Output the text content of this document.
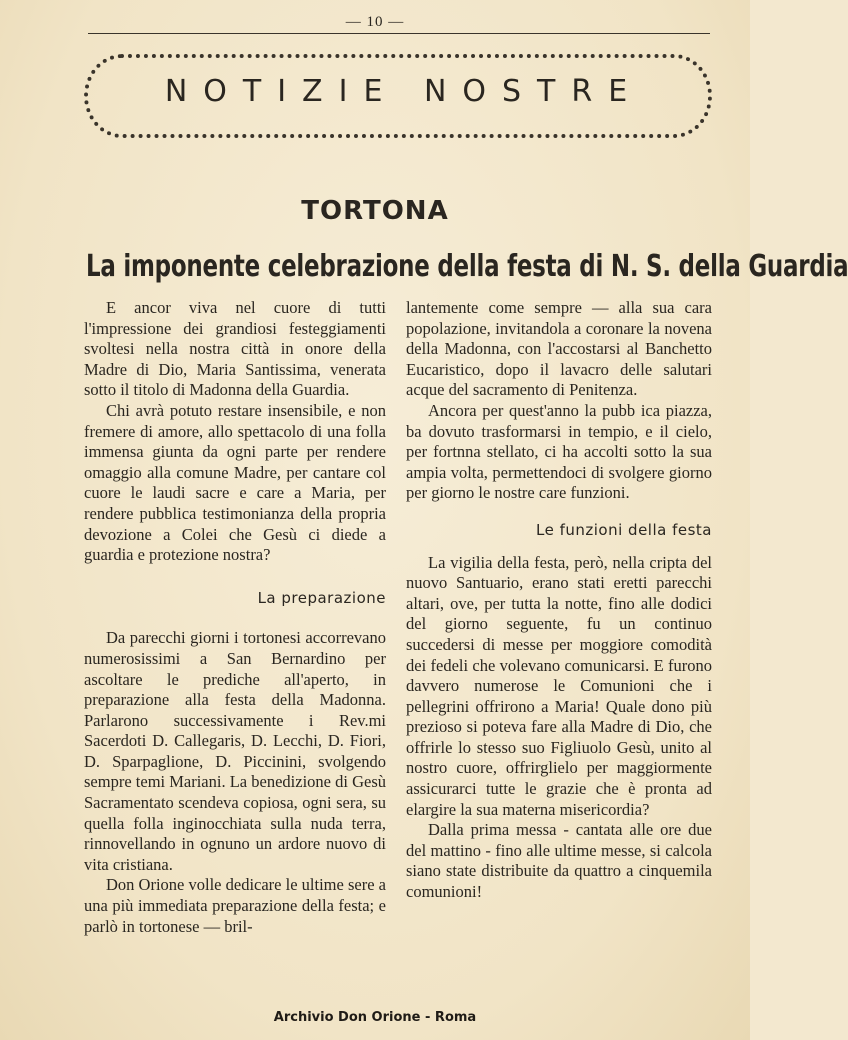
— 10 —
NOTIZIE NOSTRE
TORTONA
La imponente celebrazione della festa di N. S. della Guardia

E ancor viva nel cuore di tutti l'impressione dei grandiosi festeggiamenti svoltesi nella nostra città in onore della Madre di Dio, Maria Santissima, venerata sotto il titolo di Madonna della Guardia.

Chi avrà potuto restare insensibile, e non fremere di amore, allo spettacolo di una folla immensa giunta da ogni parte per rendere omaggio alla comune Madre, per cantare col cuore le laudi sacre e care a Maria, per rendere pubblica testimonianza della propria devozione a Colei che Gesù ci diede a guardia e protezione nostra?

La preparazione

Da parecchi giorni i tortonesi accorrevano numerosissimi a San Bernardino per ascoltare le prediche all'aperto, in preparazione alla festa della Madonna. Parlarono successivamente i Rev.mi Sacerdoti D. Callegaris, D. Lecchi, D. Fiori, D. Sparpaglione, D. Piccinini, svolgendo sempre temi Mariani. La benedizione di Gesù Sacramentato scendeva copiosa, ogni sera, su quella folla inginocchiata sulla nuda terra, rinnovellando in ognuno un ardore nuovo di vita cristiana.

Don Orione volle dedicare le ultime sere a una più immediata preparazione della festa; e parlò in tortonese — bril-

lantemente come sempre — alla sua cara popolazione, invitandola a coronare la novena della Madonna, con l'accostarsi al Banchetto Eucaristico, dopo il lavacro delle salutari acque del sacramento di Penitenza.

Ancora per quest'anno la pubb ica piazza, ba dovuto trasformarsi in tempio, e il cielo, per fortnna stellato, ci ha accolti sotto la sua ampia volta, permettendoci di svolgere giorno per giorno le nostre care funzioni.

Le funzioni della festa

La vigilia della festa, però, nella cripta del nuovo Santuario, erano stati eretti parecchi altari, ove, per tutta la notte, fino alle dodici del giorno seguente, fu un continuo succedersi di messe per moggiore comodità dei fedeli che volevano comunicarsi. E furono davvero numerose le Comunioni che i pellegrini offrirono a Maria! Quale dono più prezioso si poteva fare alla Madre di Dio, che offrirle lo stesso suo Figliuolo Gesù, unito al nostro cuore, offrirglielo per maggiormente assicurarci tutte le grazie che è pronta ad elargire la sua materna misericordia?

Dalla prima messa - cantata alle ore due del mattino - fino alle ultime messe, si calcola siano state distribuite da quattro a cinquemila comunioni!

Archivio Don Orione - Roma
